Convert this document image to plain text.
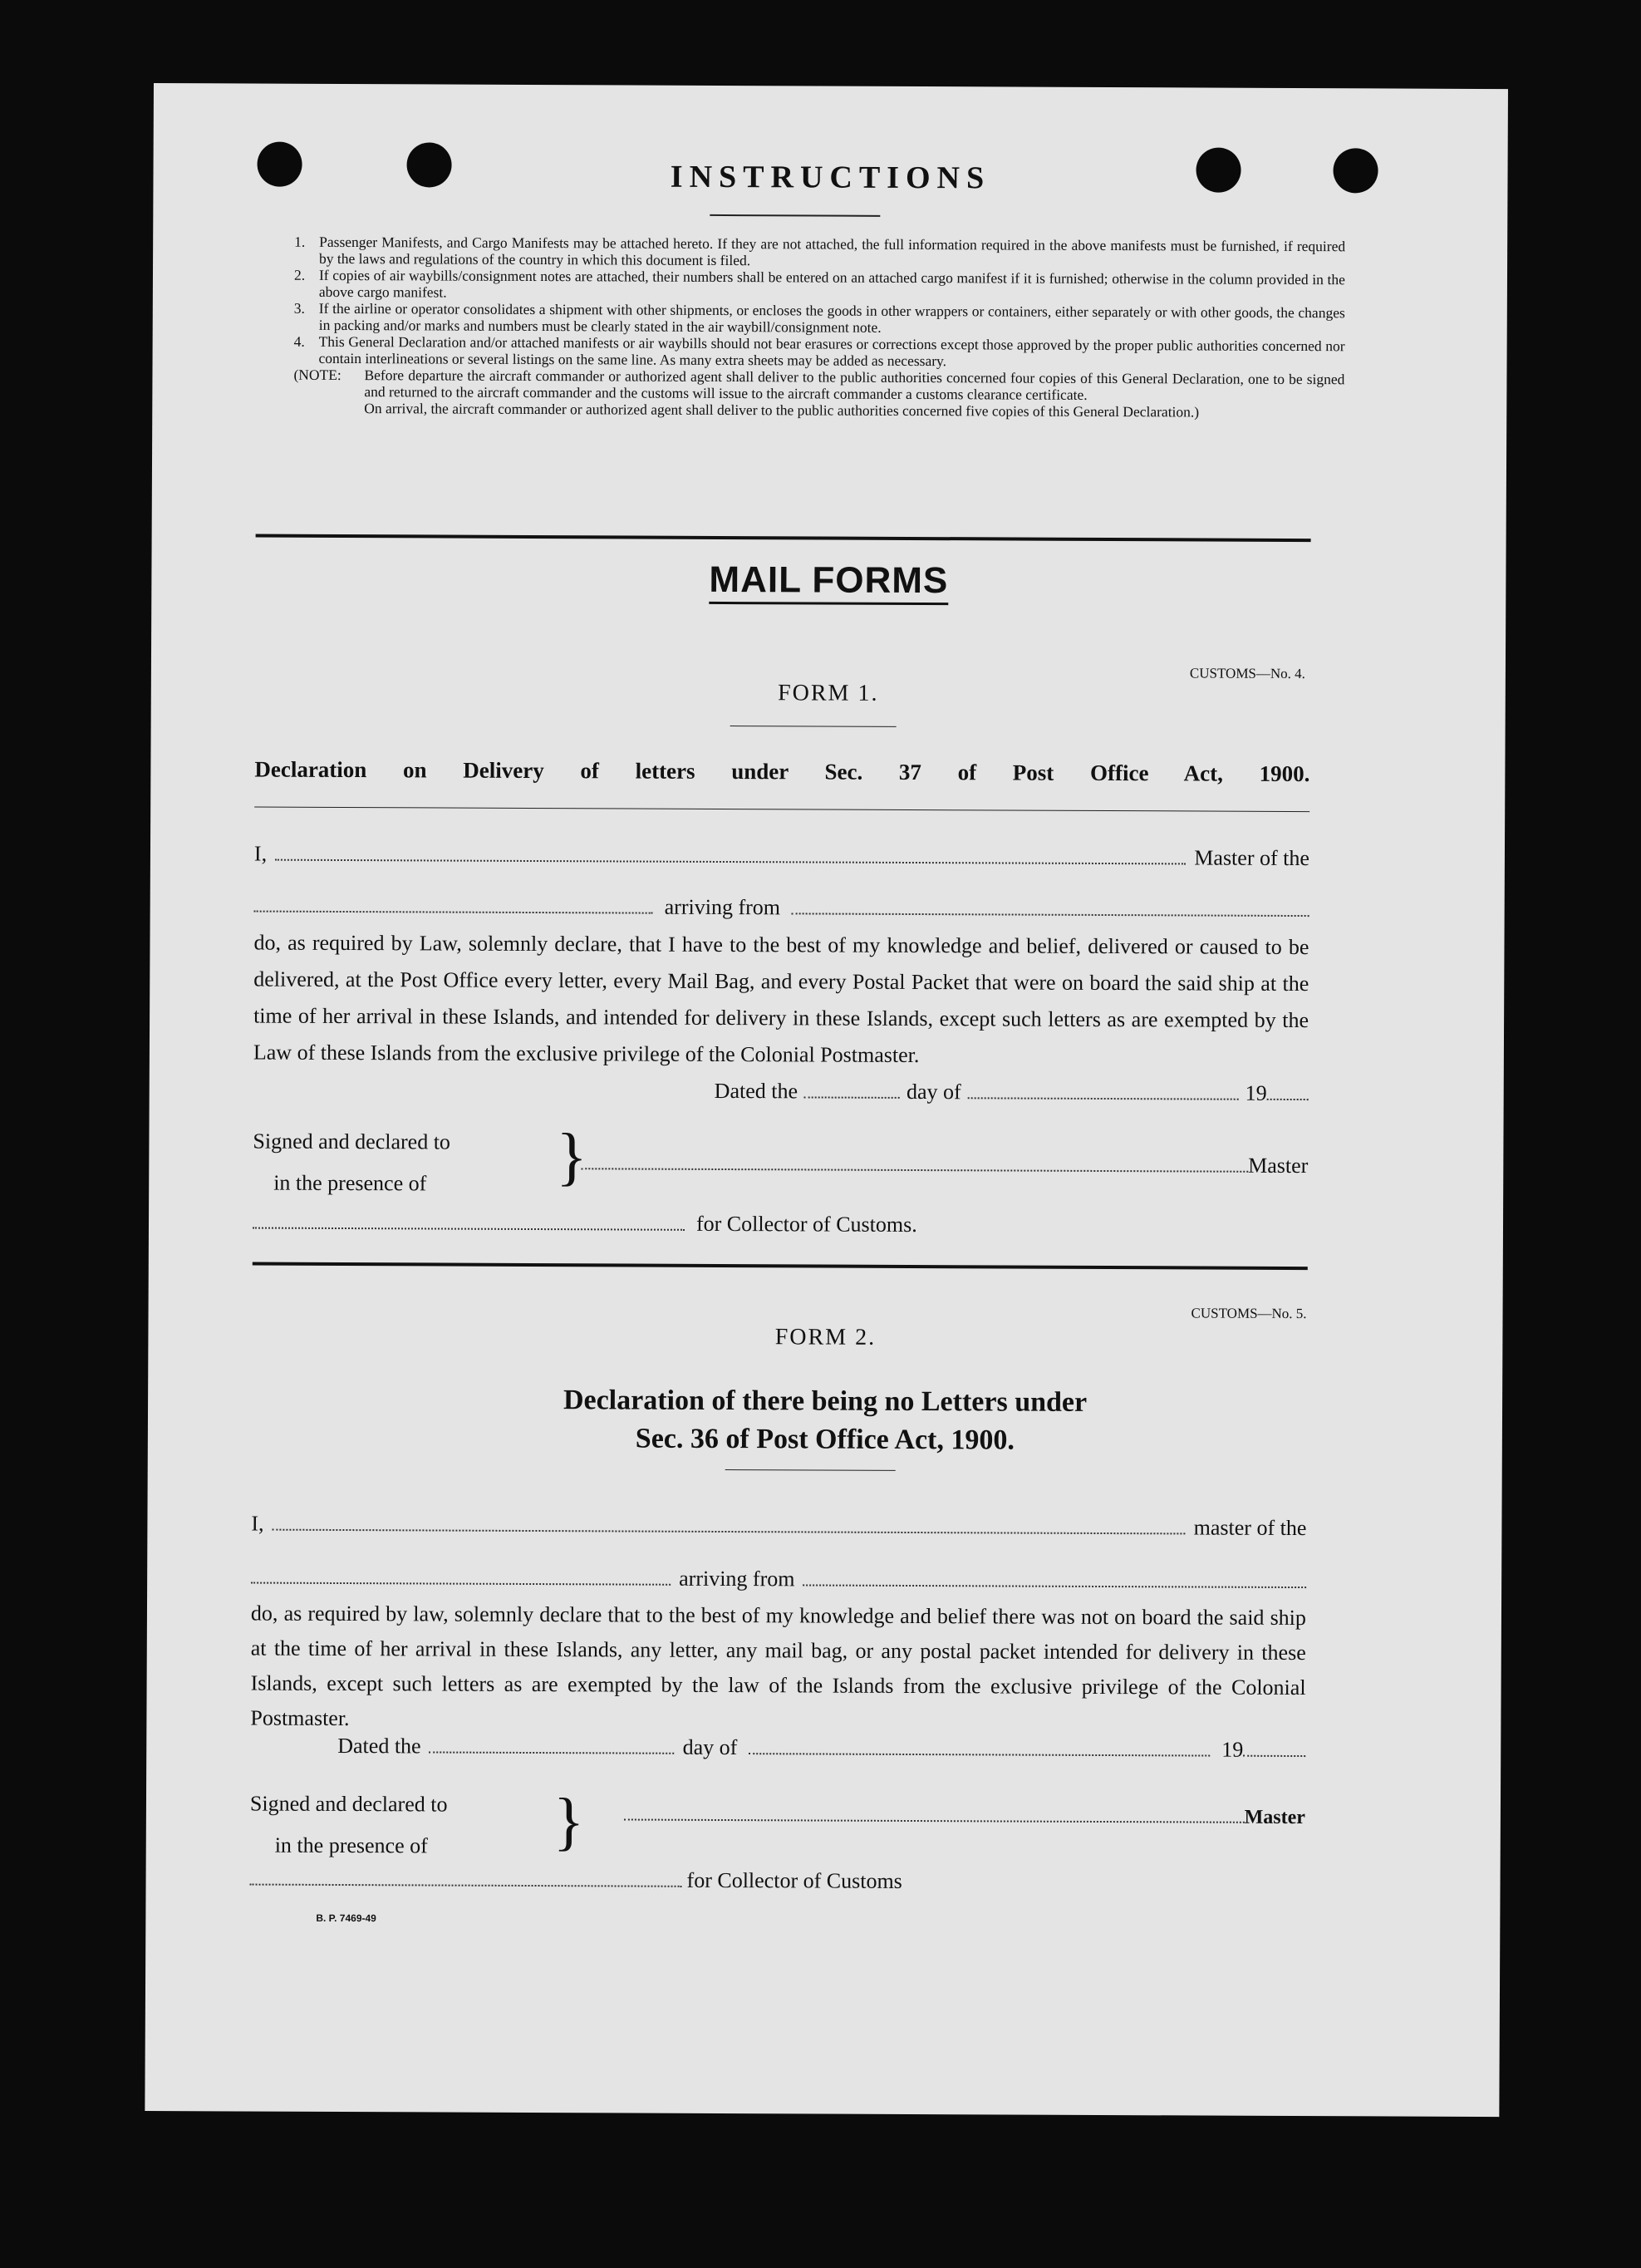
INSTRUCTIONS
1. Passenger Manifests, and Cargo Manifests may be attached hereto. If they are not attached, the full information required in the above manifests must be furnished, if required by the laws and regulations of the country in which this document is filed.
2. If copies of air waybills/consignment notes are attached, their numbers shall be entered on an attached cargo manifest if it is furnished; otherwise in the column provided in the above cargo manifest.
3. If the airline or operator consolidates a shipment with other shipments, or encloses the goods in other wrappers or containers, either separately or with other goods, the changes in packing and/or marks and numbers must be clearly stated in the air waybill/consignment note.
4. This General Declaration and/or attached manifests or air waybills should not bear erasures or corrections except those approved by the proper public authorities concerned nor contain interlineations or several listings on the same line. As many extra sheets may be added as necessary.
(NOTE:	Before departure the aircraft commander or authorized agent shall deliver to the public authorities concerned four copies of this General Declaration, one to be signed and returned to the aircraft commander and the customs will issue to the aircraft commander a customs clearance certificate.
On arrival, the aircraft commander or authorized agent shall deliver to the public authorities concerned five copies of this General Declaration.)
MAIL FORMS
CUSTOMS—No. 4.
FORM 1.
Declaration on Delivery of letters under Sec. 37 of Post Office Act, 1900.
I,	Master of the
arriving from
do, as required by Law, solemnly declare, that I have to the best of my knowledge and belief, delivered or caused to be delivered, at the Post Office every letter, every Mail Bag, and every Postal Packet that were on board the said ship at the time of her arrival in these Islands, and intended for delivery in these Islands, except such letters as are exempted by the Law of these Islands from the exclusive privilege of the Colonial Postmaster.
Dated the	day of	19
Signed and declared to
in the presence of	}	Master
for Collector of Customs.
CUSTOMS—No. 5.
FORM 2.
Declaration of there being no Letters under
Sec. 36 of Post Office Act, 1900.
I,	master of the
arriving from
do, as required by law, solemnly declare that to the best of my knowledge and belief there was not on board the said ship at the time of her arrival in these Islands, any letter, any mail bag, or any postal packet intended for delivery in these Islands, except such letters as are exempted by the law of the Islands from the exclusive privilege of the Colonial Postmaster.
Dated the	day of	19
Signed and declared to
in the presence of	}	Master
for Collector of Customs
B. P. 7469-49
